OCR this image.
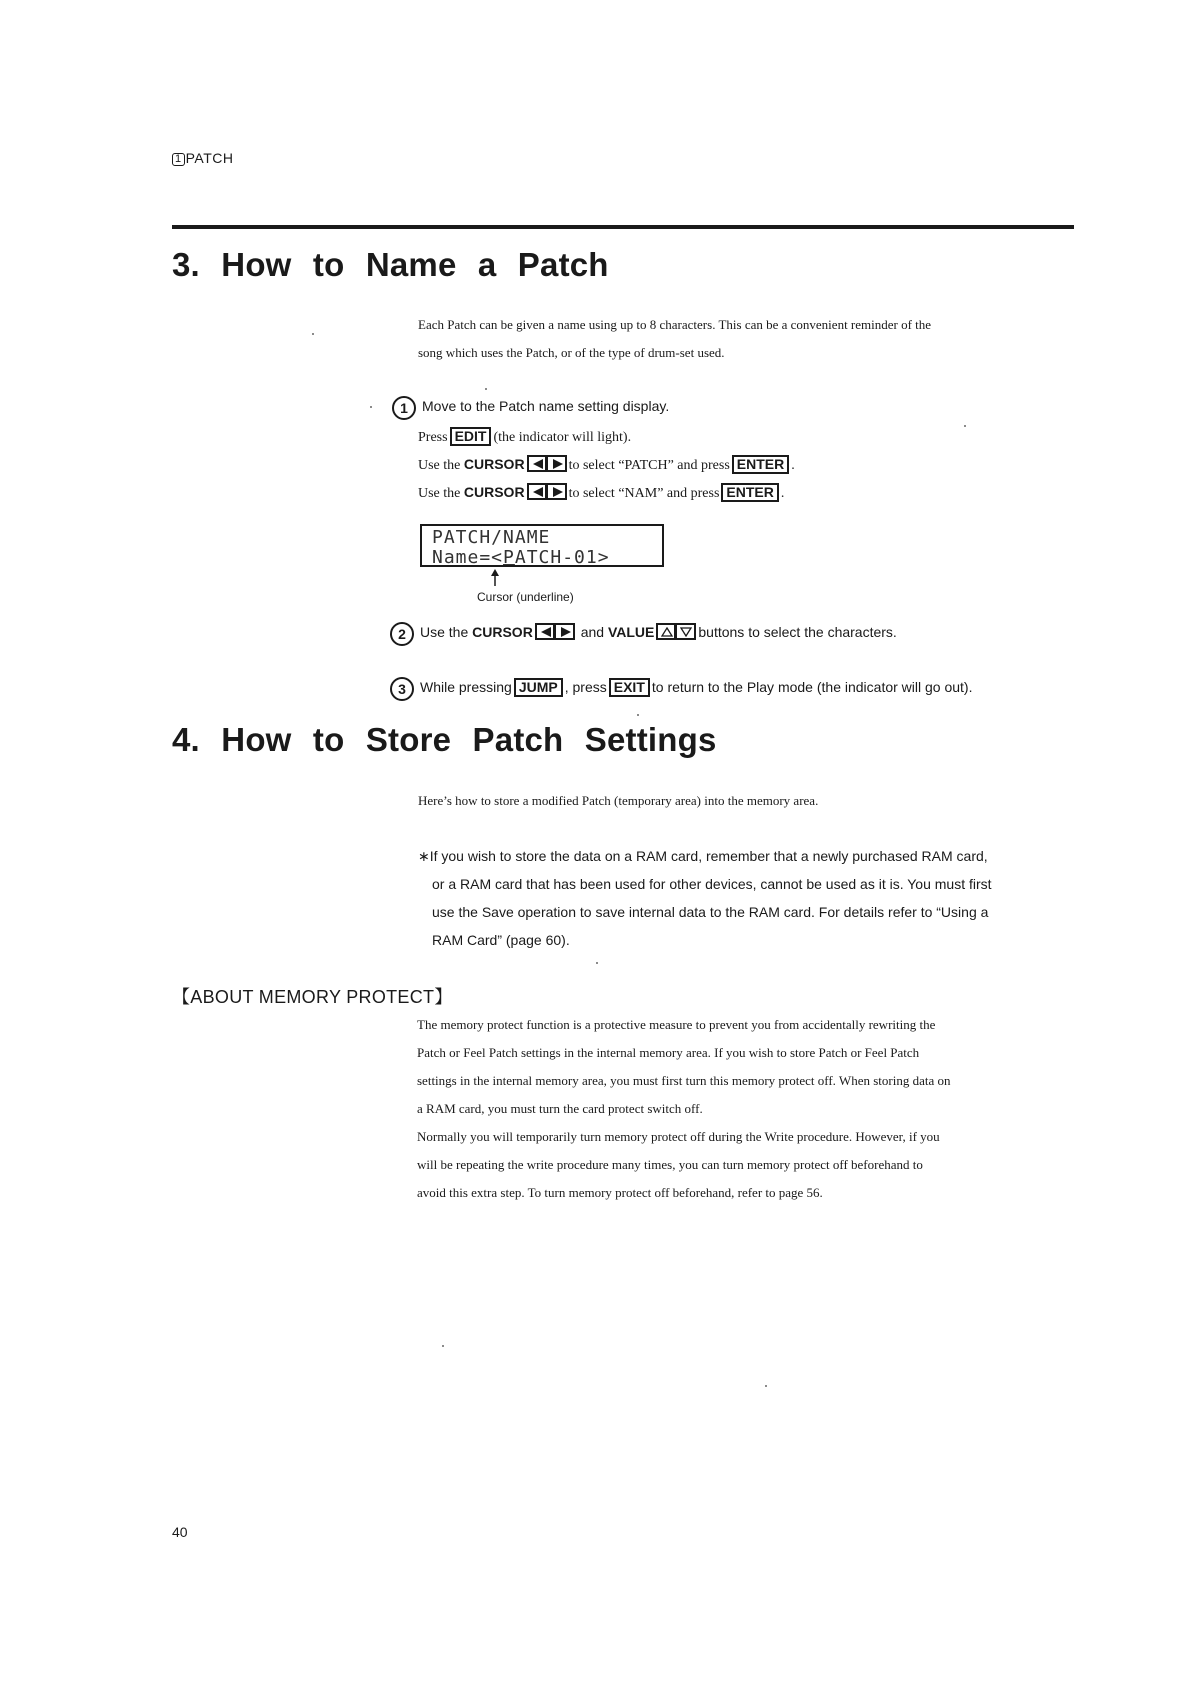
1 PATCH
3. How to Name a Patch
Each Patch can be given a name using up to 8 characters. This can be a convenient reminder of the
song which uses the Patch, or of the type of drum-set used.
1 Move to the Patch name setting display.
Press EDIT (the indicator will light).
Use the CURSOR	to select “PATCH” and press ENTER .
Use the CURSOR	to select “NAM” and press ENTER .
PATCH/NAME
Name=<PATCH-01>
Cursor (underline)
2 Use the CURSOR	and VALUE	buttons to select the characters.
3 While pressing JUMP , press EXIT to return to the Play mode (the indicator will go out).
4. How to Store Patch Settings
Here’s how to store a modified Patch (temporary area) into the memory area.
∗If you wish to store the data on a RAM card, remember that a newly purchased RAM card,
or a RAM card that has been used for other devices, cannot be used as it is. You must first
use the Save operation to save internal data to the RAM card. For details refer to “Using a
RAM Card” (page 60).
【ABOUT MEMORY PROTECT】
The memory protect function is a protective measure to prevent you from accidentally rewriting the
Patch or Feel Patch settings in the internal memory area. If you wish to store Patch or Feel Patch
settings in the internal memory area, you must first turn this memory protect off. When storing data on
a RAM card, you must turn the card protect switch off.
Normally you will temporarily turn memory protect off during the Write procedure. However, if you
will be repeating the write procedure many times, you can turn memory protect off beforehand to
avoid this extra step. To turn memory protect off beforehand, refer to page 56.
40
